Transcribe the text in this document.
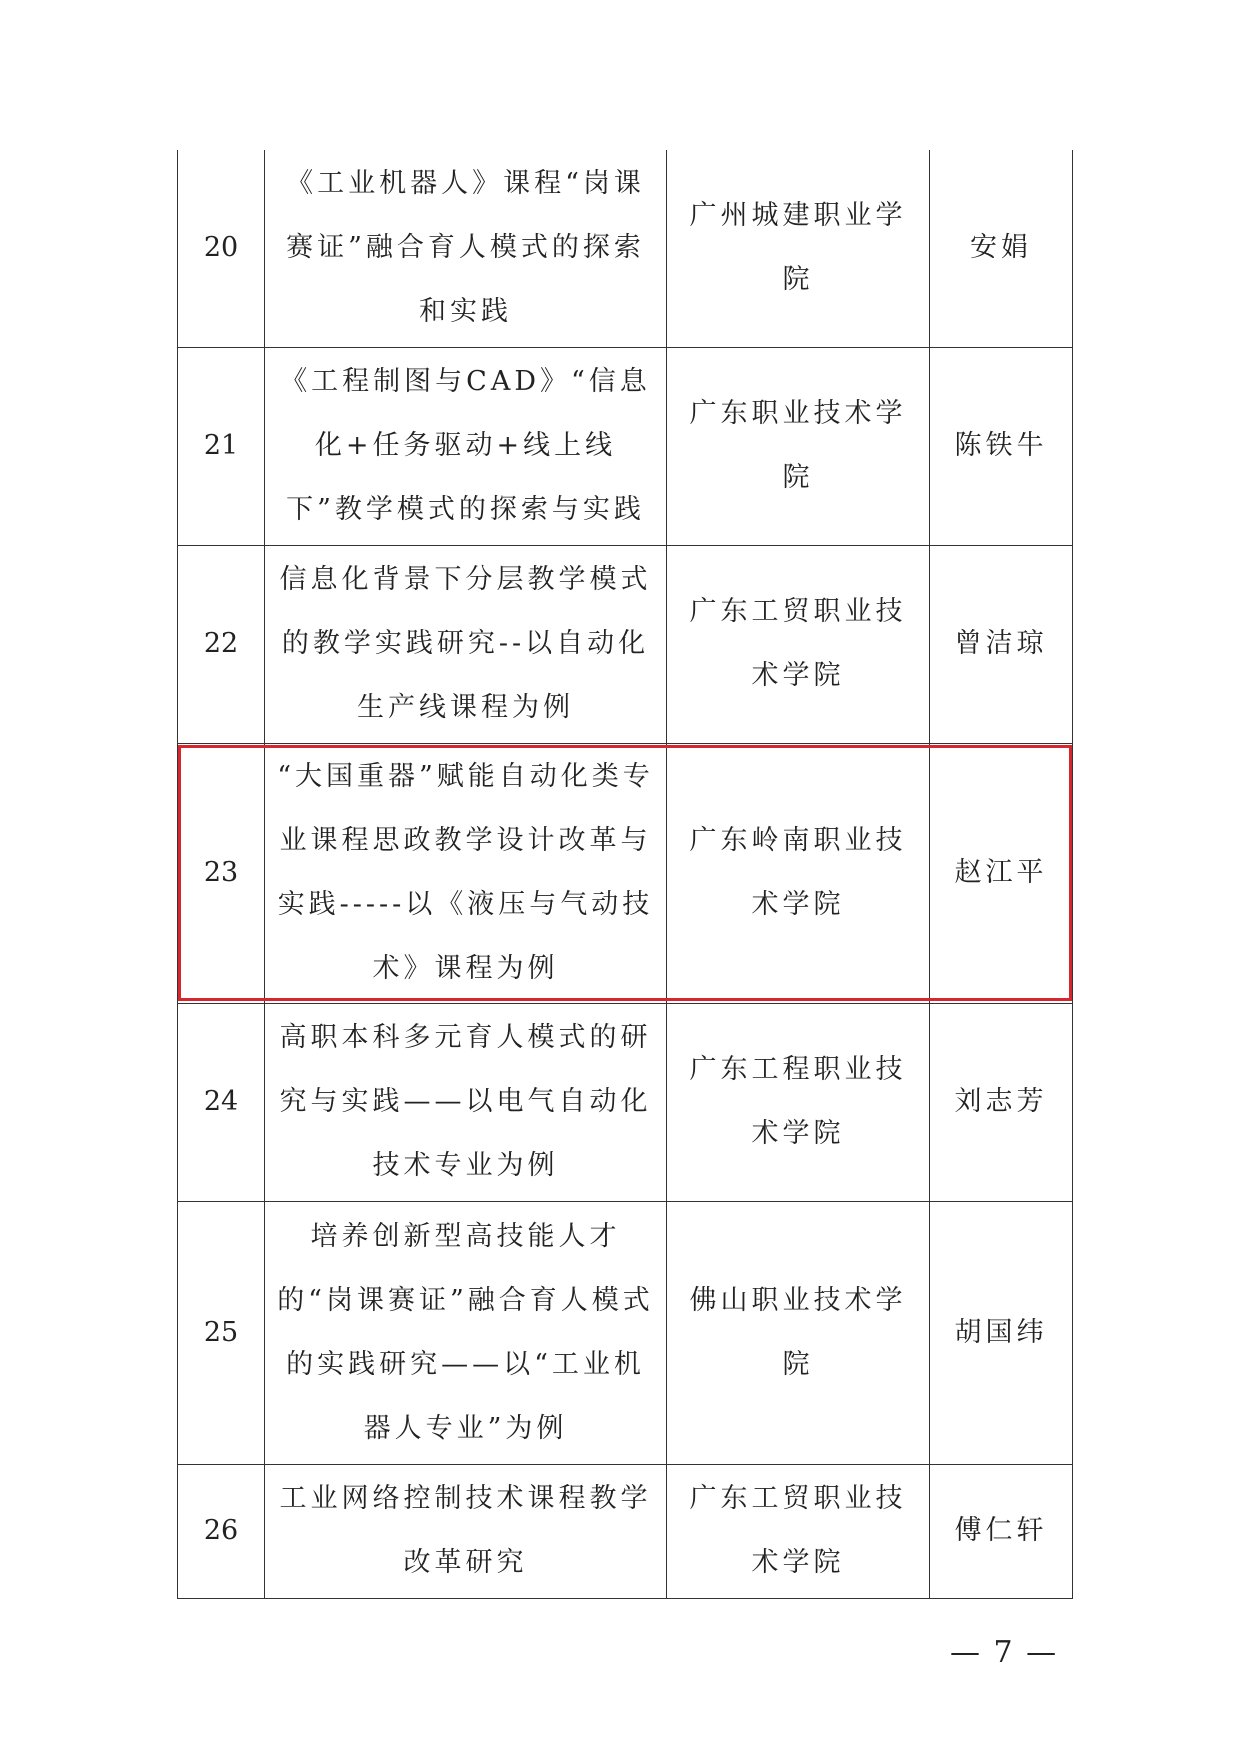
20	《工业机器人》课程“岗课赛证”融合育人模式的探索和实践	广州城建职业学院	安娟
21	《工程制图与CAD》“信息化+任务驱动+线上线下”教学模式的探索与实践	广东职业技术学院	陈铁牛
22	信息化背景下分层教学模式的教学实践研究--以自动化生产线课程为例	广东工贸职业技术学院	曾洁琼
23	“大国重器”赋能自动化类专业课程思政教学设计改革与实践-----以《液压与气动技术》课程为例	广东岭南职业技术学院	赵江平
24	高职本科多元育人模式的研究与实践——以电气自动化技术专业为例	广东工程职业技术学院	刘志芳
25	培养创新型高技能人才的“岗课赛证”融合育人模式的实践研究——以“工业机器人专业”为例	佛山职业技术学院	胡国纬
26	工业网络控制技术课程教学改革研究	广东工贸职业技术学院	傅仁轩
— 7 —
